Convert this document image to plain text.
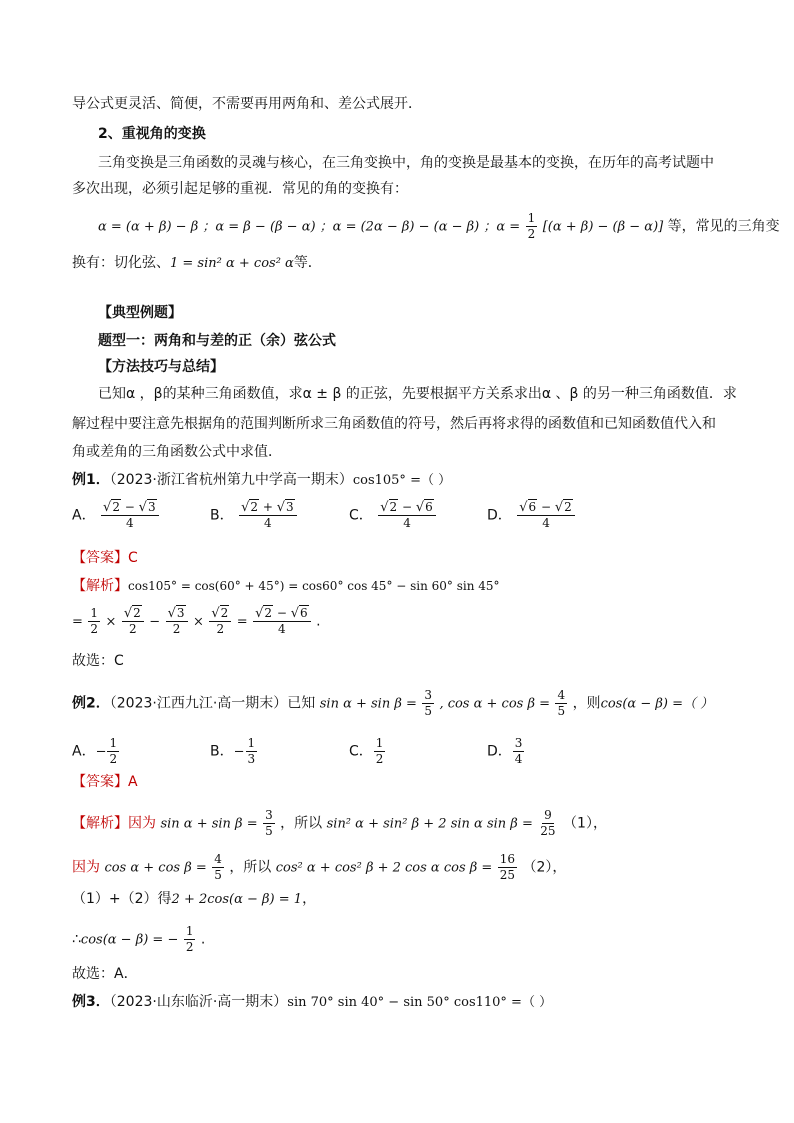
导公式更灵活、简便，不需要再用两角和、差公式展开．
2、重视角的变换
三角变换是三角函数的灵魂与核心，在三角变换中，角的变换是最基本的变换，在历年的高考试题中
多次出现，必须引起足够的重视．常见的角的变换有：
α = (α + β) − β ；α = β − (β − α) ；α = (2α − β) − (α − β) ；$\alpha = \frac{1}{2} [(\alpha + \beta) - (\beta - \alpha)]$ 等，常见的三角变
换有：切化弦、1 = sin² α + cos² α等．
【典型例题】
题型一：两角和与差的正（余）弦公式
【方法技巧与总结】
已知α ，β的某种三角函数值，求α ± β 的正弦，先要根据平方关系求出α 、β 的另一种三角函数值．求
解过程中要注意先根据角的范围判断所求三角函数值的符号，然后再将求得的函数值和已知函数值代入和
角或差角的三角函数公式中求值．
例1．（2023·浙江省杭州第九中学高一期末）cos105° =（ ）
A． $\frac{√2 - √3}{4}$	B． $\frac{√2 + √3}{4}$	C． $\frac{√2 - √6}{4}$	D． $\frac{√6 - √2}{4}$
【答案】C
【解析】cos105° = cos(60° + 45°) = cos60° cos 45° − sin 60° sin 45°
= $\frac{1}{2} \times \frac{√2}{2} - \frac{√3}{2} \times \frac{√2}{2} = \frac{√2 - √6}{4}$ .
故选：C
例2．（2023·江西九江·高一期末）已知 $\sin \alpha + \sin \beta = \frac{3}{5}$ , $\cos \alpha + \cos \beta = \frac{4}{5}$ ，则cos(α − β) =（ ）
A．− $\frac{1}{2}$	B．− $\frac{1}{3}$	C． $\frac{1}{2}$	D． $\frac{3}{4}$
【答案】A
【解析】因为 $\sin \alpha + \sin \beta = \frac{3}{5}$ ，所以 sin² α + sin² β + 2 sin α $\sin \beta = \frac{9}{25} (1)$，
因为 $\cos \alpha + \cos \beta = \frac{4}{5}$ ，所以 cos² α + cos² β + 2 cos α $\cos \beta = \frac{16}{25} (2)$，
（1）+（2）得2 + 2cos(α − β) = 1，
∴cos(α − β) = − $\frac{1}{2}$ .
故选：A．
例3．（2023·山东临沂·高一期末）sin 70° sin 40° − sin 50° cos110° =（ ）
